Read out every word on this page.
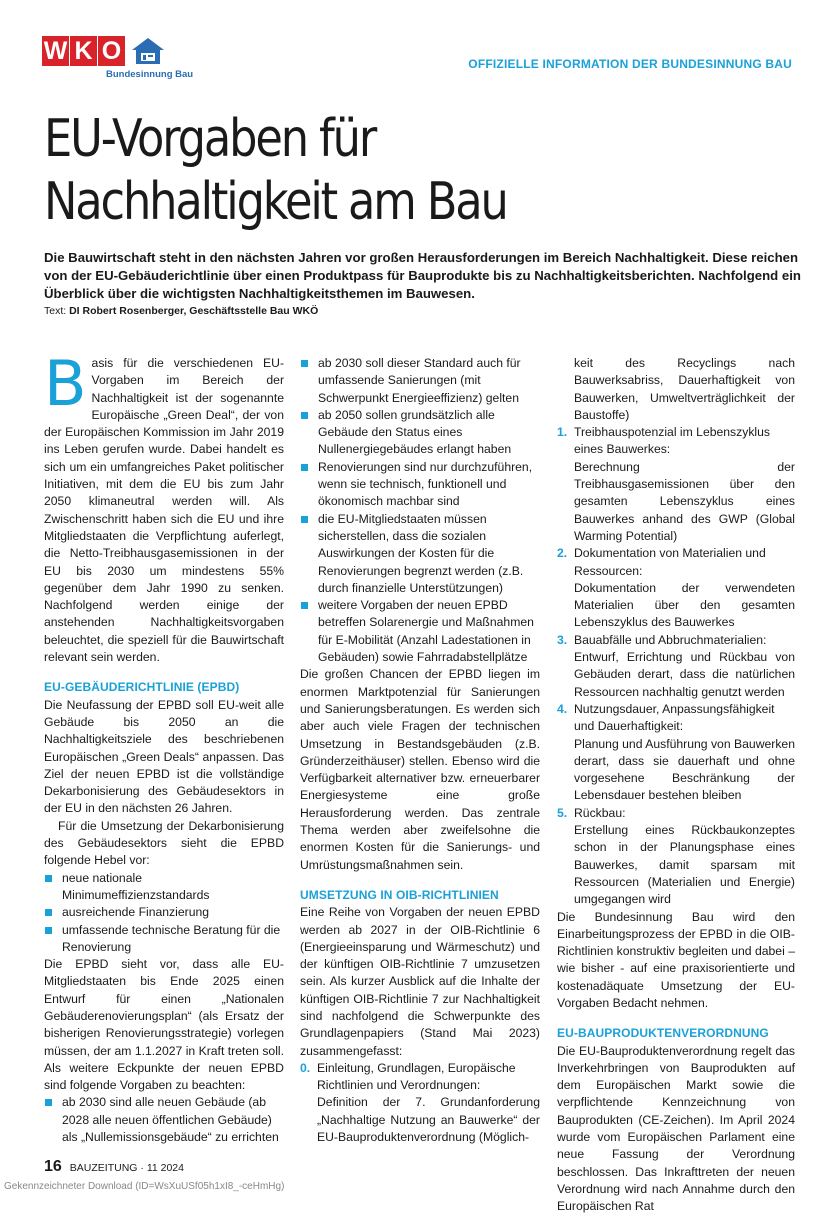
W K O
Bundesinnung Bau
OFFIZIELLE INFORMATION DER BUNDESINNUNG BAU
EU-Vorgaben für
Nachhaltigkeit am Bau
Die Bauwirtschaft steht in den nächsten Jahren vor großen Herausforderungen im Bereich Nachhaltigkeit. Diese reichen von der EU-Gebäuderichtlinie über einen Produktpass für Bauprodukte bis zu Nachhaltigkeitsberichten. Nachfolgend ein Überblick über die wichtigsten Nachhaltigkeitsthemen im Bauwesen.
Text: DI Robert Rosenberger, Geschäftsstelle Bau WKÖ

Basis für die verschiedenen EU-Vorgaben im Bereich der Nachhaltigkeit ist der sogenannte Europäische „Green Deal“, der von der Europäischen Kommission im Jahr 2019 ins Leben gerufen wurde. Dabei handelt es sich um ein umfangreiches Paket politischer Initiativen, mit dem die EU bis zum Jahr 2050 klimaneutral werden will. Als Zwischenschritt haben sich die EU und ihre Mitgliedstaaten die Verpflichtung auferlegt, die Netto-Treibhausgasemissionen in der EU bis 2030 um mindestens 55% gegenüber dem Jahr 1990 zu senken. Nachfolgend werden einige der anstehenden Nachhaltigkeitsvorgaben beleuchtet, die speziell für die Bauwirtschaft relevant sein werden.

EU-GEBÄUDERICHTLINIE (EPBD)

Die Neufassung der EPBD soll EU-weit alle Gebäude bis 2050 an die Nachhaltigkeitsziele des beschriebenen Europäischen „Green Deals“ anpassen. Das Ziel der neuen EPBD ist die vollständige Dekarbonisierung des Gebäudesektors in der EU in den nächsten 26 Jahren.

Für die Umsetzung der Dekarbonisierung des Gebäudesektors sieht die EPBD folgende Hebel vor:

neue nationale Minimumeffizienzstandards
ausreichende Finanzierung
umfassende technische Beratung für die Renovierung

Die EPBD sieht vor, dass alle EU-Mitgliedstaaten bis Ende 2025 einen Entwurf für einen „Nationalen Gebäuderenovierungsplan“ (als Ersatz der bisherigen Renovierungsstrategie) vorlegen müssen, der am 1.1.2027 in Kraft treten soll. Als weitere Eckpunkte der neuen EPBD sind folgende Vorgaben zu beachten:

ab 2030 sind alle neuen Gebäude (ab 2028 alle neuen öffentlichen Gebäude) als „Nullemissionsgebäude“ zu errichten
ab 2030 soll dieser Standard auch für umfassende Sanierungen (mit Schwerpunkt Energieeffizienz) gelten
ab 2050 sollen grundsätzlich alle Gebäude den Status eines Nullenergiegebäudes erlangt haben
Renovierungen sind nur durchzuführen, wenn sie technisch, funktionell und ökonomisch machbar sind
die EU-Mitgliedstaaten müssen sicherstellen, dass die sozialen Auswirkungen der Kosten für die Renovierungen begrenzt werden (z.B. durch finanzielle Unterstützungen)
weitere Vorgaben der neuen EPBD betreffen Solarenergie und Maßnahmen für E-Mobilität (Anzahl Ladestationen in Gebäuden) sowie Fahrradabstellplätze

Die großen Chancen der EPBD liegen im enormen Marktpotenzial für Sanierungen und Sanierungsberatungen. Es werden sich aber auch viele Fragen der technischen Umsetzung in Bestandsgebäuden (z.B. Gründerzeithäuser) stellen. Ebenso wird die Verfügbarkeit alternativer bzw. erneuerbarer Energiesysteme eine große Herausforderung werden. Das zentrale Thema werden aber zweifelsohne die enormen Kosten für die Sanierungs- und Umrüstungsmaßnahmen sein.

UMSETZUNG IN OIB-RICHTLINIEN

Eine Reihe von Vorgaben der neuen EPBD werden ab 2027 in der OIB-Richtlinie 6 (Energieeinsparung und Wärmeschutz) und der künftigen OIB-Richtlinie 7 umzusetzen sein. Als kurzer Ausblick auf die Inhalte der künftigen OIB-Richtlinie 7 zur Nachhaltigkeit sind nachfolgend die Schwerpunkte des Grundlagenpapiers (Stand Mai 2023) zusammengefasst:

0. Einleitung, Grundlagen, Europäische Richtlinien und Verordnungen:

Definition der 7. Grundanforderung „Nachhaltige Nutzung an Bauwerke“ der EU-Bauproduktenverordnung (Möglich-

keit des Recyclings nach Bauwerksabriss, Dauerhaftigkeit von Bauwerken, Umweltverträglichkeit der Baustoffe)

1. Treibhauspotenzial im Lebenszyklus eines Bauwerkes:

Berechnung der Treibhausgasemissionen über den gesamten Lebenszyklus eines Bauwerkes anhand des GWP (Global Warming Potential)

2. Dokumentation von Materialien und Ressourcen:

Dokumentation der verwendeten Materialien über den gesamten Lebenszyklus des Bauwerkes

3. Bauabfälle und Abbruchmaterialien:

Entwurf, Errichtung und Rückbau von Gebäuden derart, dass die natürlichen Ressourcen nachhaltig genutzt werden

4. Nutzungsdauer, Anpassungsfähigkeit und Dauerhaftigkeit:

Planung und Ausführung von Bauwerken derart, dass sie dauerhaft und ohne vorgesehene Beschränkung der Lebensdauer bestehen bleiben

5. Rückbau:

Erstellung eines Rückbaukonzeptes schon in der Planungsphase eines Bauwerkes, damit sparsam mit Ressourcen (Materialien und Energie) umgegangen wird

Die Bundesinnung Bau wird den Einarbeitungsprozess der EPBD in die OIB-Richtlinien konstruktiv begleiten und dabei – wie bisher - auf eine praxisorientierte und kostenadäquate Umsetzung der EU-Vorgaben Bedacht nehmen.

EU-BAUPRODUKTENVERORDNUNG

Die EU-Bauproduktenverordnung regelt das Inverkehrbringen von Bauprodukten auf dem Europäischen Markt sowie die verpflichtende Kennzeichnung von Bauprodukten (CE-Zeichen). Im April 2024 wurde vom Europäischen Parlament eine neue Fassung der Verordnung beschlossen. Das Inkrafttreten der neuen Verordnung wird nach Annahme durch den Europäischen Rat

16 BAUZEITUNG · 11 2024
Gekennzeichneter Download (ID=WsXuUSf05h1xI8_-ceHmHg)
